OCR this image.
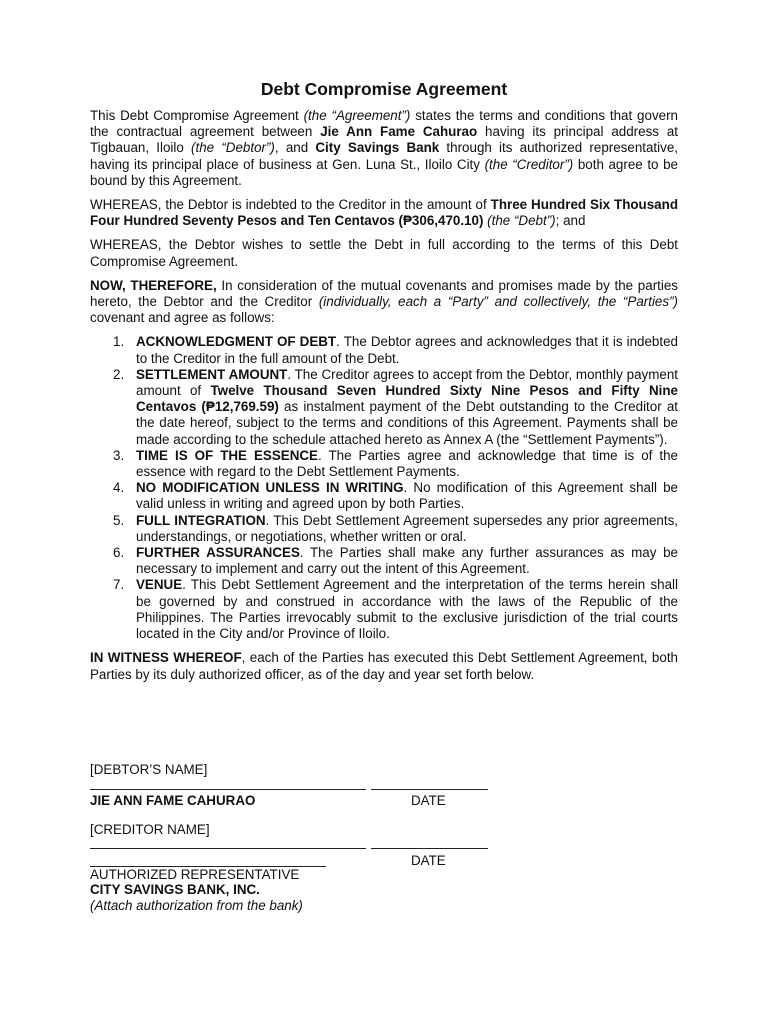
Debt Compromise Agreement

This Debt Compromise Agreement (the “Agreement”) states the terms and conditions that govern the contractual agreement between Jie Ann Fame Cahurao having its principal address at Tigbauan, Iloilo (the “Debtor”), and City Savings Bank through its authorized representative, having its principal place of business at Gen. Luna St., Iloilo City (the “Creditor”) both agree to be bound by this Agreement.

WHEREAS, the Debtor is indebted to the Creditor in the amount of Three Hundred Six Thousand Four Hundred Seventy Pesos and Ten Centavos (₱306,470.10) (the “Debt”); and

WHEREAS, the Debtor wishes to settle the Debt in full according to the terms of this Debt Compromise Agreement.

NOW, THEREFORE, In consideration of the mutual covenants and promises made by the parties hereto, the Debtor and the Creditor (individually, each a “Party” and collectively, the “Parties”) covenant and agree as follows:

1. ACKNOWLEDGMENT OF DEBT. The Debtor agrees and acknowledges that it is indebted to the Creditor in the full amount of the Debt.
2. SETTLEMENT AMOUNT. The Creditor agrees to accept from the Debtor, monthly payment amount of Twelve Thousand Seven Hundred Sixty Nine Pesos and Fifty Nine Centavos (₱12,769.59) as instalment payment of the Debt outstanding to the Creditor at the date hereof, subject to the terms and conditions of this Agreement. Payments shall be made according to the schedule attached hereto as Annex A (the “Settlement Payments”).
3. TIME IS OF THE ESSENCE. The Parties agree and acknowledge that time is of the essence with regard to the Debt Settlement Payments.
4. NO MODIFICATION UNLESS IN WRITING. No modification of this Agreement shall be valid unless in writing and agreed upon by both Parties.
5. FULL INTEGRATION. This Debt Settlement Agreement supersedes any prior agreements, understandings, or negotiations, whether written or oral.
6. FURTHER ASSURANCES. The Parties shall make any further assurances as may be necessary to implement and carry out the intent of this Agreement.
7. VENUE. This Debt Settlement Agreement and the interpretation of the terms herein shall be governed by and construed in accordance with the laws of the Republic of the Philippines. The Parties irrevocably submit to the exclusive jurisdiction of the trial courts located in the City and/or Province of Iloilo.

IN WITNESS WHEREOF, each of the Parties has executed this Debt Settlement Agreement, both Parties by its duly authorized officer, as of the day and year set forth below.

[DEBTOR’S NAME]
JIE ANN FAME CAHURAO	DATE
[CREDITOR NAME]
DATE
AUTHORIZED REPRESENTATIVE
CITY SAVINGS BANK, INC.
(Attach authorization from the bank)
